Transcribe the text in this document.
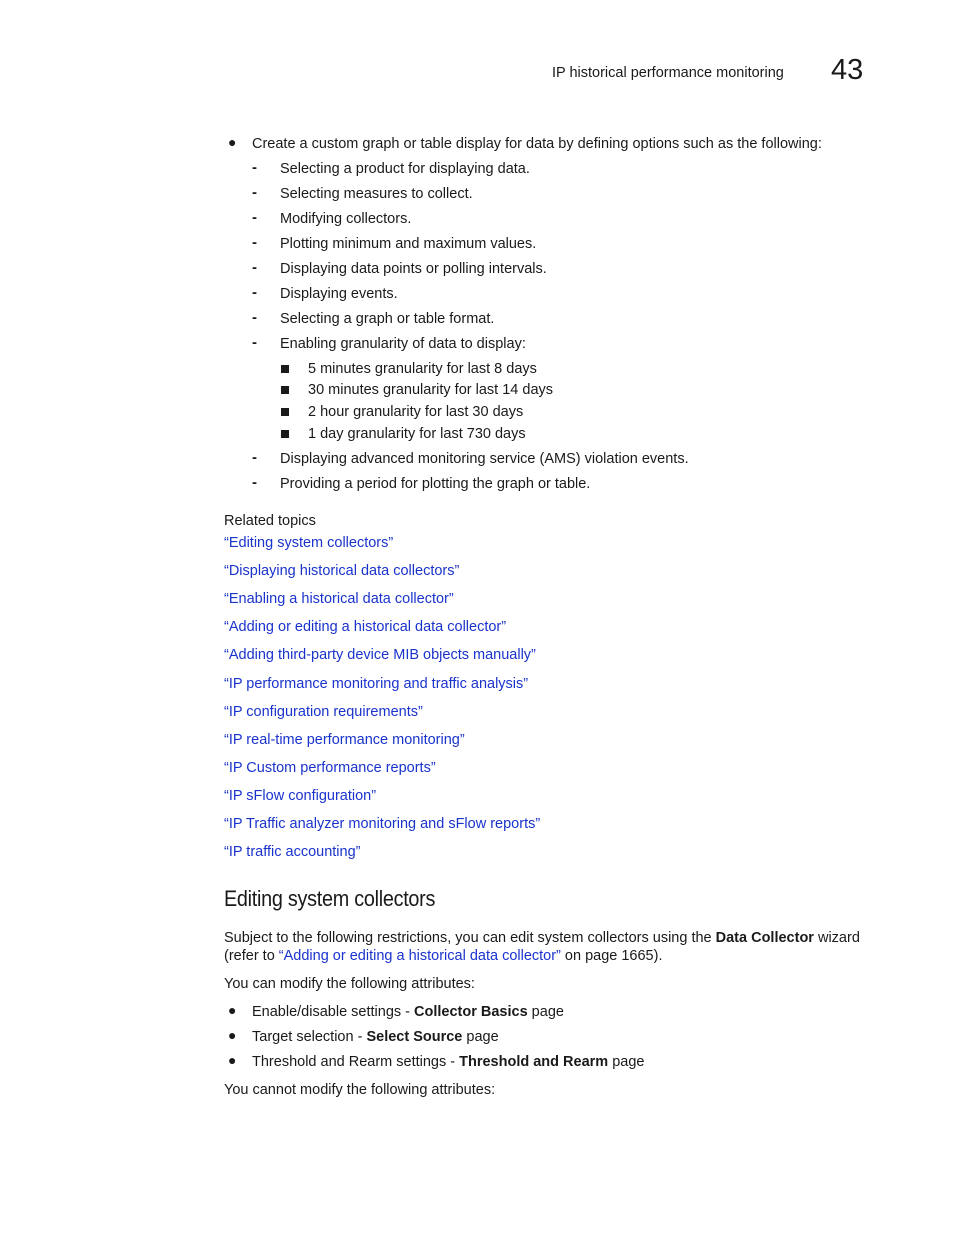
IP historical performance monitoring 43
● Create a custom graph or table display for data by defining options such as the following:
- Selecting a product for displaying data.
- Selecting measures to collect.
- Modifying collectors.
- Plotting minimum and maximum values.
- Displaying data points or polling intervals.
- Displaying events.
- Selecting a graph or table format.
- Enabling granularity of data to display:
5 minutes granularity for last 8 days
30 minutes granularity for last 14 days
2 hour granularity for last 30 days
1 day granularity for last 730 days
- Displaying advanced monitoring service (AMS) violation events.
- Providing a period for plotting the graph or table.
Related topics
“Editing system collectors”
“Displaying historical data collectors”
“Enabling a historical data collector”
“Adding or editing a historical data collector”
“Adding third-party device MIB objects manually”
“IP performance monitoring and traffic analysis”
“IP configuration requirements”
“IP real-time performance monitoring”
“IP Custom performance reports”
“IP sFlow configuration”
“IP Traffic analyzer monitoring and sFlow reports”
“IP traffic accounting”
Editing system collectors
Subject to the following restrictions, you can edit system collectors using the Data Collector wizard
(refer to “Adding or editing a historical data collector” on page 1665).
You can modify the following attributes:
● Enable/disable settings - Collector Basics page
● Target selection - Select Source page
● Threshold and Rearm settings - Threshold and Rearm page
You cannot modify the following attributes:
